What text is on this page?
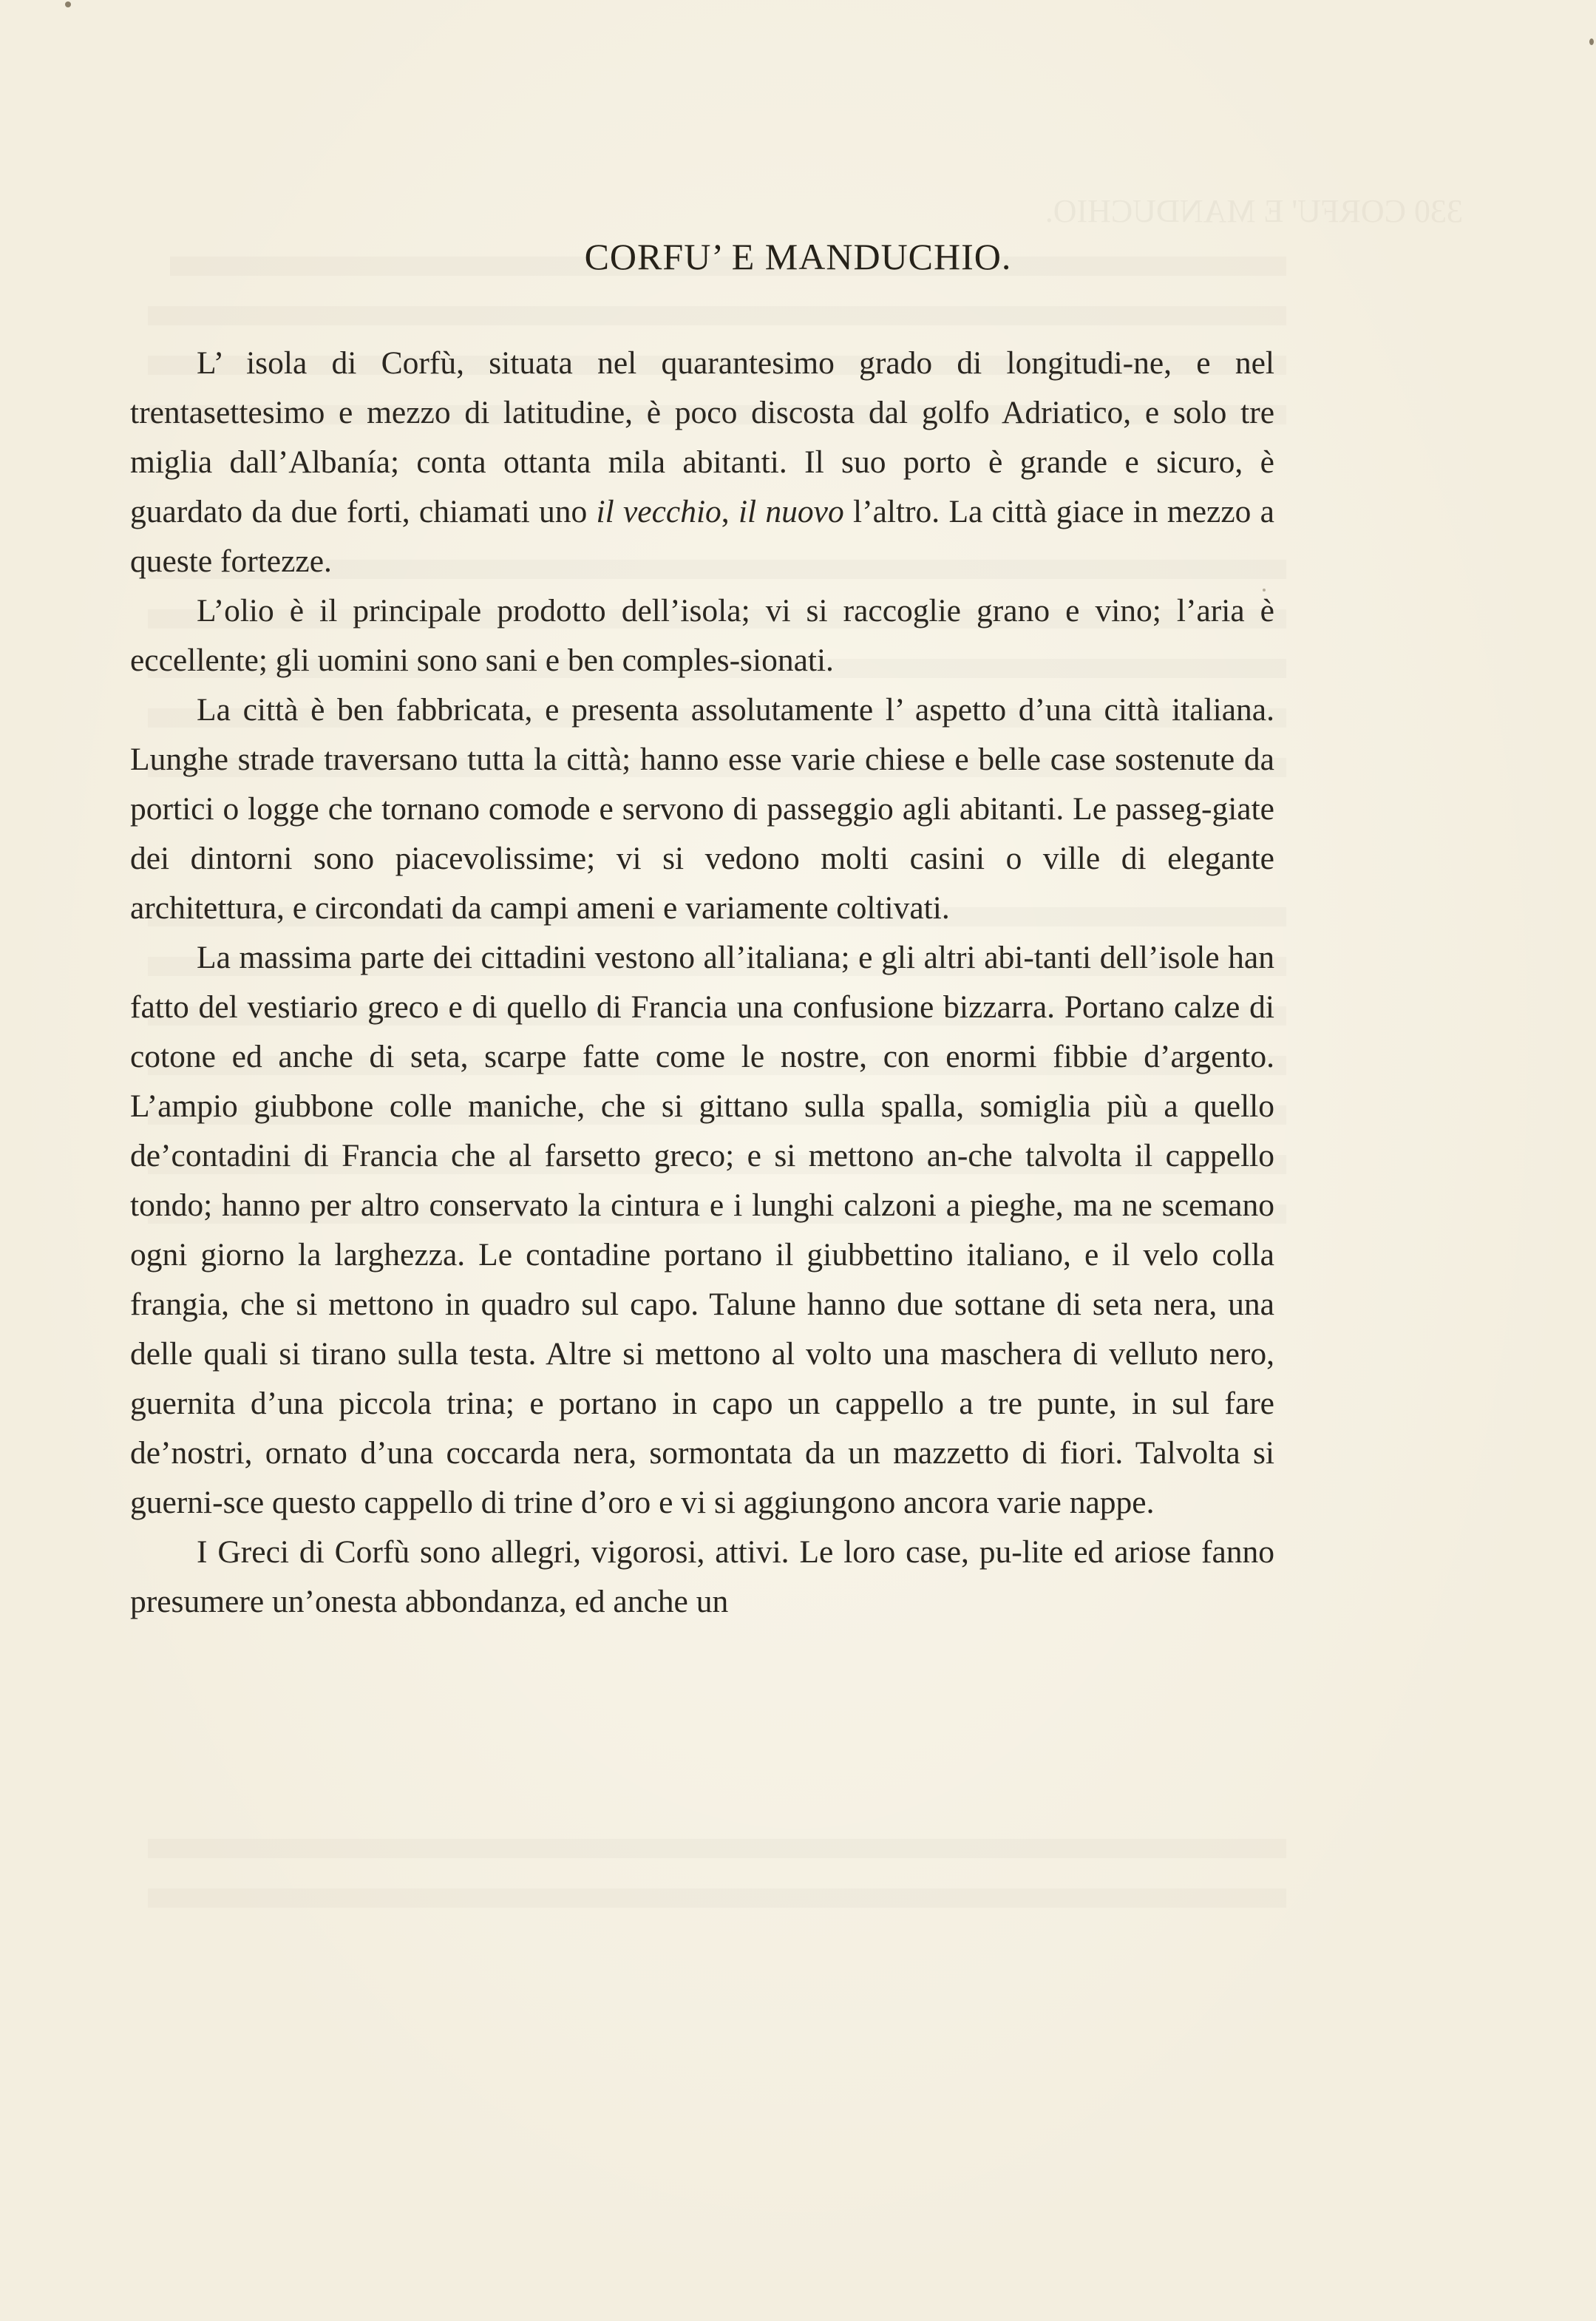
330 CORFU' E MANDUCHIO.
CORFU’ E MANDUCHIO.

L’ isola di Corfù, situata nel quarantesimo grado di longitudi-ne, e nel trentasettesimo e mezzo di latitudine, è poco discosta dal golfo Adriatico, e solo tre miglia dall’Albanía; conta ottanta mila abitanti. Il suo porto è grande e sicuro, è guardato da due forti, chiamati uno il vecchio, il nuovo l’altro. La città giace in mezzo a queste fortezze.

L’olio è il principale prodotto dell’isola; vi si raccoglie grano e vino; l’aria è eccellente; gli uomini sono sani e ben comples-sionati.

La città è ben fabbricata, e presenta assolutamente l’ aspetto d’una città italiana. Lunghe strade traversano tutta la città; hanno esse varie chiese e belle case sostenute da portici o logge che tornano comode e servono di passeggio agli abitanti. Le passeg-giate dei dintorni sono piacevolissime; vi si vedono molti casini o ville di elegante architettura, e circondati da campi ameni e variamente coltivati.

La massima parte dei cittadini vestono all’italiana; e gli altri abi-tanti dell’isole han fatto del vestiario greco e di quello di Francia una confusione bizzarra. Portano calze di cotone ed anche di seta, scarpe fatte come le nostre, con enormi fibbie d’argento. L’ampio giubbone colle maniche, che si gittano sulla spalla, somiglia più a quello de’contadini di Francia che al farsetto greco; e si mettono an-che talvolta il cappello tondo; hanno per altro conservato la cintura e i lunghi calzoni a pieghe, ma ne scemano ogni giorno la larghezza. Le contadine portano il giubbettino italiano, e il velo colla frangia, che si mettono in quadro sul capo. Talune hanno due sottane di seta nera, una delle quali si tirano sulla testa. Altre si mettono al volto una maschera di velluto nero, guernita d’una piccola trina; e portano in capo un cappello a tre punte, in sul fare de’nostri, ornato d’una coccarda nera, sormontata da un mazzetto di fiori. Talvolta si guerni-sce questo cappello di trine d’oro e vi si aggiungono ancora varie nappe.

I Greci di Corfù sono allegri, vigorosi, attivi. Le loro case, pu-lite ed ariose fanno presumere un’onesta abbondanza, ed anche un
